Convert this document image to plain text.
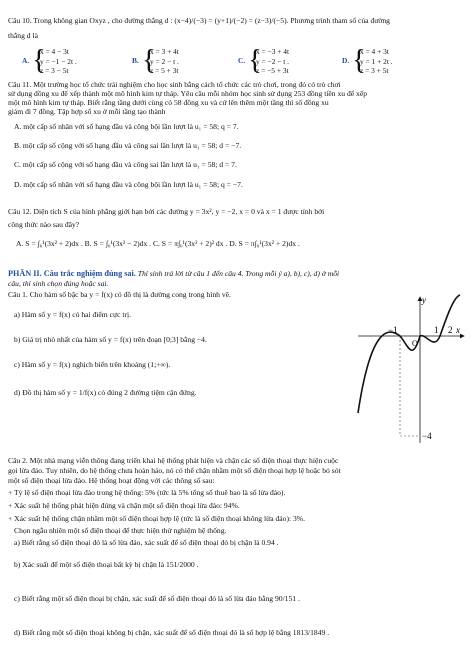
Câu 10. Trong không gian Oxyz , cho đường thẳng d : (x−4)/(−3) = (y+1)/(−2) = (z−3)/(−5). Phương trình tham số của đường
thẳng d là
A. {
x = 4 − 3t
y = −1 − 2t .
z = 3 − 5t
B. {
x = 3 + 4t
y = 2 − t .
z = 5 + 3t
C. {
x = −3 + 4t
y = −2 − t .
z = −5 + 3t
D. {
x = 4 + 3t
y = 1 + 2t .
z = 3 + 5t
Câu 11. Một trường học tổ chức trải nghiệm cho học sinh bằng cách tổ chức các trò chơi, trong đó có trò chơi
sử dụng đồng xu để xếp thành một mô hình kim tự tháp. Yêu cầu mỗi nhóm học sinh sử dụng 253 đồng tiền xu để xếp
một mô hình kim tự tháp. Biết rằng tầng dưới cùng có 58 đồng xu và cứ lên thêm một tầng thì số đồng xu
giảm đi 7 đồng. Tập hợp số xu ở mỗi tầng tạo thành
A. một cấp số nhân với số hạng đầu và công bội lần lượt là u₁ = 58; q = 7.
B. một cấp số cộng với số hạng đầu và công sai lần lượt là u₁ = 58; d = −7.
C. một cấp số cộng với số hạng đầu và công sai lần lượt là u₁ = 58; d = 7.
D. một cấp số nhân với số hạng đầu và công bội lần lượt là u₁ = 58; q = −7.
Câu 12. Diện tích S của hình phẳng giới hạn bởi các đường y = 3x², y = −2, x = 0 và x = 1 được tính bởi
công thức nào sau đây?
A. S = ∫₀¹(3x² + 2)dx . B. S = ∫₀¹(3x² − 2)dx . C. S = π∫₀¹(3x² + 2)² dx . D. S = π∫₀¹(3x² + 2)dx .
PHẦN II. Câu trắc nghiệm đúng sai. Thí sinh trả lời từ câu 1 đến câu 4. Trong mỗi ý a), b), c), d) ở mỗi
câu, thí sinh chọn đúng hoặc sai.
Câu 1. Cho hàm số bậc ba y = f(x) có đồ thị là đường cong trong hình vẽ.
a) Hàm số y = f(x) có hai điểm cực trị.
b) Giá trị nhỏ nhất của hàm số y = f(x) trên đoạn [0;3] bằng −4.
c) Hàm số y = f(x) nghịch biến trên khoảng (1;+∞).
d) Đồ thị hàm số y = 1/f(x) có đúng 2 đường tiệm cận đứng.
y
x
O
−1	1 2
−4
Câu 2. Một nhà mạng viễn thông đang triển khai hệ thống phát hiện và chặn các số điện thoại thực hiện cuộc
gọi lừa đảo. Tuy nhiên, do hệ thống chưa hoàn hảo, nó có thể chặn nhầm một số điện thoại hợp lệ hoặc bỏ sót
một số điện thoại lừa đảo. Hệ thống hoạt động với các thông số sau:
+ Tỷ lệ số điện thoại lừa đảo trong hệ thống: 5% (tức là 5% tổng số thuê bao là số lừa đảo).
+ Xác suất hệ thống phát hiện đúng và chặn một số điện thoại lừa đảo: 94%.
+ Xác suất hệ thống chặn nhầm một số điện thoại hợp lệ (tức là số điện thoại không lừa đảo): 3%.
Chọn ngẫu nhiên một số điện thoại để thực hiện thử nghiệm hệ thống.
a) Biết rằng số điện thoại đó là số lừa đảo, xác suất để số điện thoại đó bị chặn là 0.94 .
b) Xác suất để một số điện thoại bất kỳ bị chặn là 151/2000 .
c) Biết rằng một số điện thoại bị chặn, xác suất để số điện thoại đó là số lừa đảo bằng 90/151 .
d) Biết rằng một số điện thoại không bị chặn, xác suất để số điện thoại đó là số hợp lệ bằng 1813/1849 .
